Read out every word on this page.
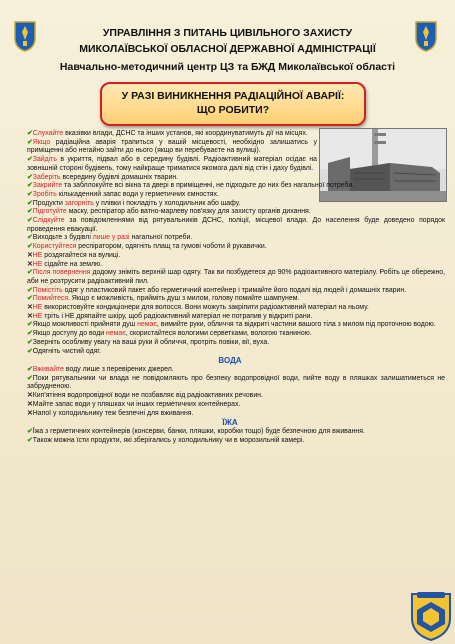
УПРАВЛІННЯ З ПИТАНЬ ЦИВІЛЬНОГО ЗАХИСТУ
МИКОЛАЇВСЬКОЇ ОБЛАСНОЇ ДЕРЖАВНОЇ АДМІНІСТРАЦІЇ
Навчально-методичний центр ЦЗ та БЖД Миколаївської області
У РАЗІ ВИНИКНЕННЯ РАДІАЦІЙНОЇ АВАРІЇ:
ЩО РОБИТИ?

✔Слухайте вказівки влади, ДСНС та інших установ, які координуватимуть дії на місцях.

✔Якщо радіаційна аварія трапиться у вашій місцевості, необхідно залишатись у приміщенні або негайно зайти до нього (якщо ви перебуваєте на вулиці).

✔Зайдіть в укриття, підвал або в середину будівлі. Радіоактивний матеріал осідає на зовнішній стороні будівель, тому найкраще триматися якомога далі від стін і даху будівлі.

✔Заберіть всередину будівлі домашніх тварин.

✔Закрийте та забллокуйте всі вікна та двері в приміщенні, не підходьте до них без нагальної потреби.

✔Зробіть кількаденний запас води у герметичних ємностях.

✔Продукти загорніть у плівки і покладіть у холодильник або шафу.

✔Підготуйте маску, респіратор або ватно-марлеву пов'язку для захисту органів дихання.

✔Слідкуйте за повідомленнями від рятувальників ДСНС, поліції, місцевої влади. До населення буде доведено порядок проведення евакуації.

✔Виходьте з будівлі лише у разі нагальної потреби.

✔Користуйтеся респіратором, одягніть плащ та гумові чоботи й рукавички.

✕НЕ роздягайтеся на вулиці.

✕НЕ сідайте на землю.

✔Після повернення додому зніміть верхній шар одягу. Так ви позбудетеся до 90% радіоактивного матеріалу. Робіть це обережно, аби не розтрусити радіоактивний пил.

✔Помістіть одяг у пластиковий пакет або герметичний контейнер і тримайте його подалі від людей і домашніх тварин.

✔Помийтеся. Якщо є можливість, прийміть душ з милом, голову помийте шампунем.

✕НЕ використовуйте кондиціонери для волосся. Вони можуть закріпити радіоактивний матеріал на ньому.

✕НЕ тріть і НЕ дряпайте шкіру, щоб радіоактивний матеріал не потрапив у відкриті рани.

✔Якщо можливості прийняти душ немає, вимийте руки, обличчя та відкриті частини вашого тіла з милом під проточною водою.

✔Якщо доступу до води немає, скористайтеся вологими серветками, вологою тканиною.

✔Зверніть особливу увагу на ваші руки й обличчя, протріть повіки, вії, вуха.

✔Одягніть чистий одяг.

ВОДА

✔Вживайте воду лише з перевірених джерел.

✔Поки рятувальники чи влада не повідомляють про безпеку водопровідної води, пийте воду в пляшках залишатиметься не забрудненою.

✕Кип'ятіння водопровідної води не позбавляє від радіоактивних речовин.

✕Майте запас води у пляшках чи інших герметичних контейнерах.

✕Напої у холодильнику теж безпечні для вживання.

ЇЖА

✔Їжа з герметичних контейнерів (консерви, банки, пляшки, коробки тощо) буде безпечною для вживання.

✔Також можна їсти продукти, які зберігались у холодильнику чи в морозильній камері.
